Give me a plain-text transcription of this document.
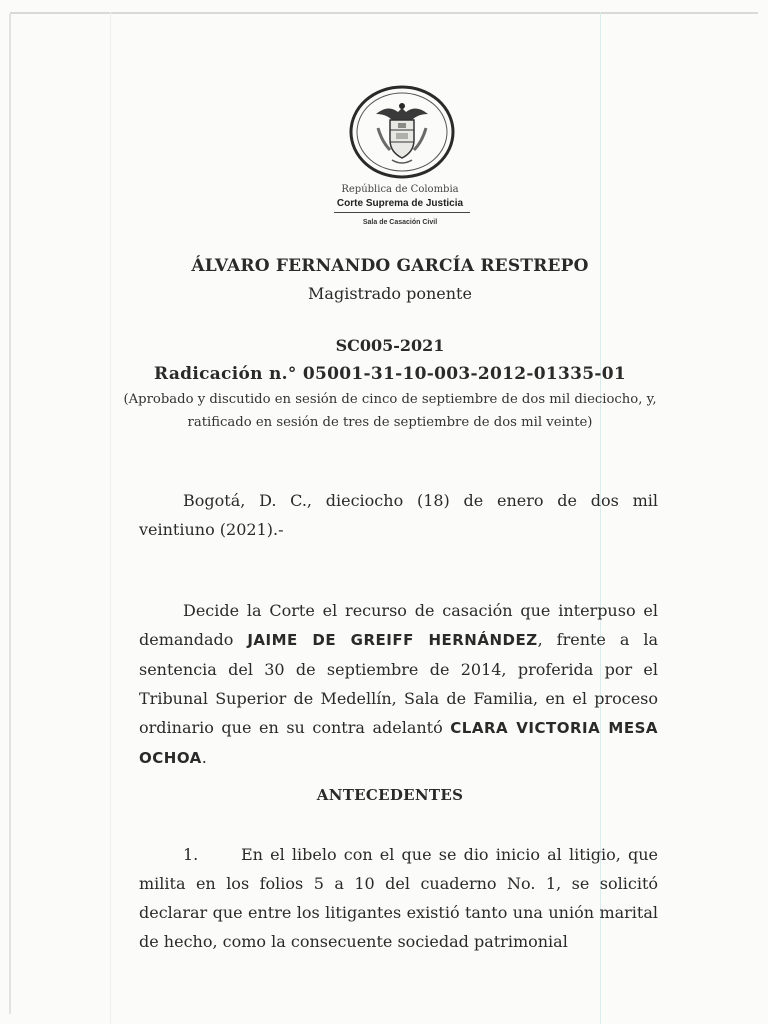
República de Colombia
Corte Suprema de Justicia
Sala de Casación Civil
ÁLVARO FERNANDO GARCÍA RESTREPO
Magistrado ponente
SC005-2021
Radicación n.° 05001-31-10-003-2012-01335-01
(Aprobado y discutido en sesión de cinco de septiembre de dos mil dieciocho, y, ratificado en sesión de tres de septiembre de dos mil veinte)
Bogotá, D. C., dieciocho (18) de enero de dos mil veintiuno (2021).-
Decide la Corte el recurso de casación que interpuso el demandado JAIME DE GREIFF HERNÁNDEZ, frente a la sentencia del 30 de septiembre de 2014, proferida por el Tribunal Superior de Medellín, Sala de Familia, en el proceso ordinario que en su contra adelantó CLARA VICTORIA MESA OCHOA.
ANTECEDENTES
1.	En el libelo con el que se dio inicio al litigio, que milita en los folios 5 a 10 del cuaderno No. 1, se solicitó declarar que entre los litigantes existió tanto una unión marital de hecho, como la consecuente sociedad patrimonial
